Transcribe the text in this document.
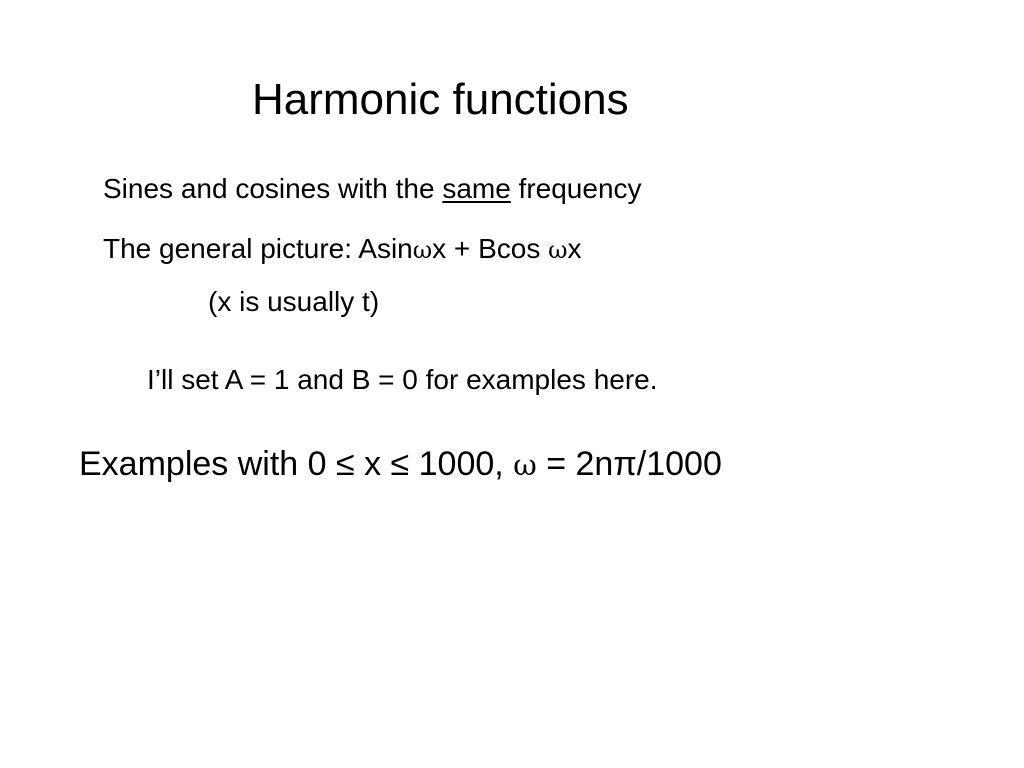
Harmonic functions
Sines and cosines with the same frequency
The general picture: Asinωx + Bcos ωx
(x is usually t)
I’ll set A = 1 and B = 0 for examples here.
Examples with 0 ≤ x ≤ 1000, ω = 2nπ/1000
